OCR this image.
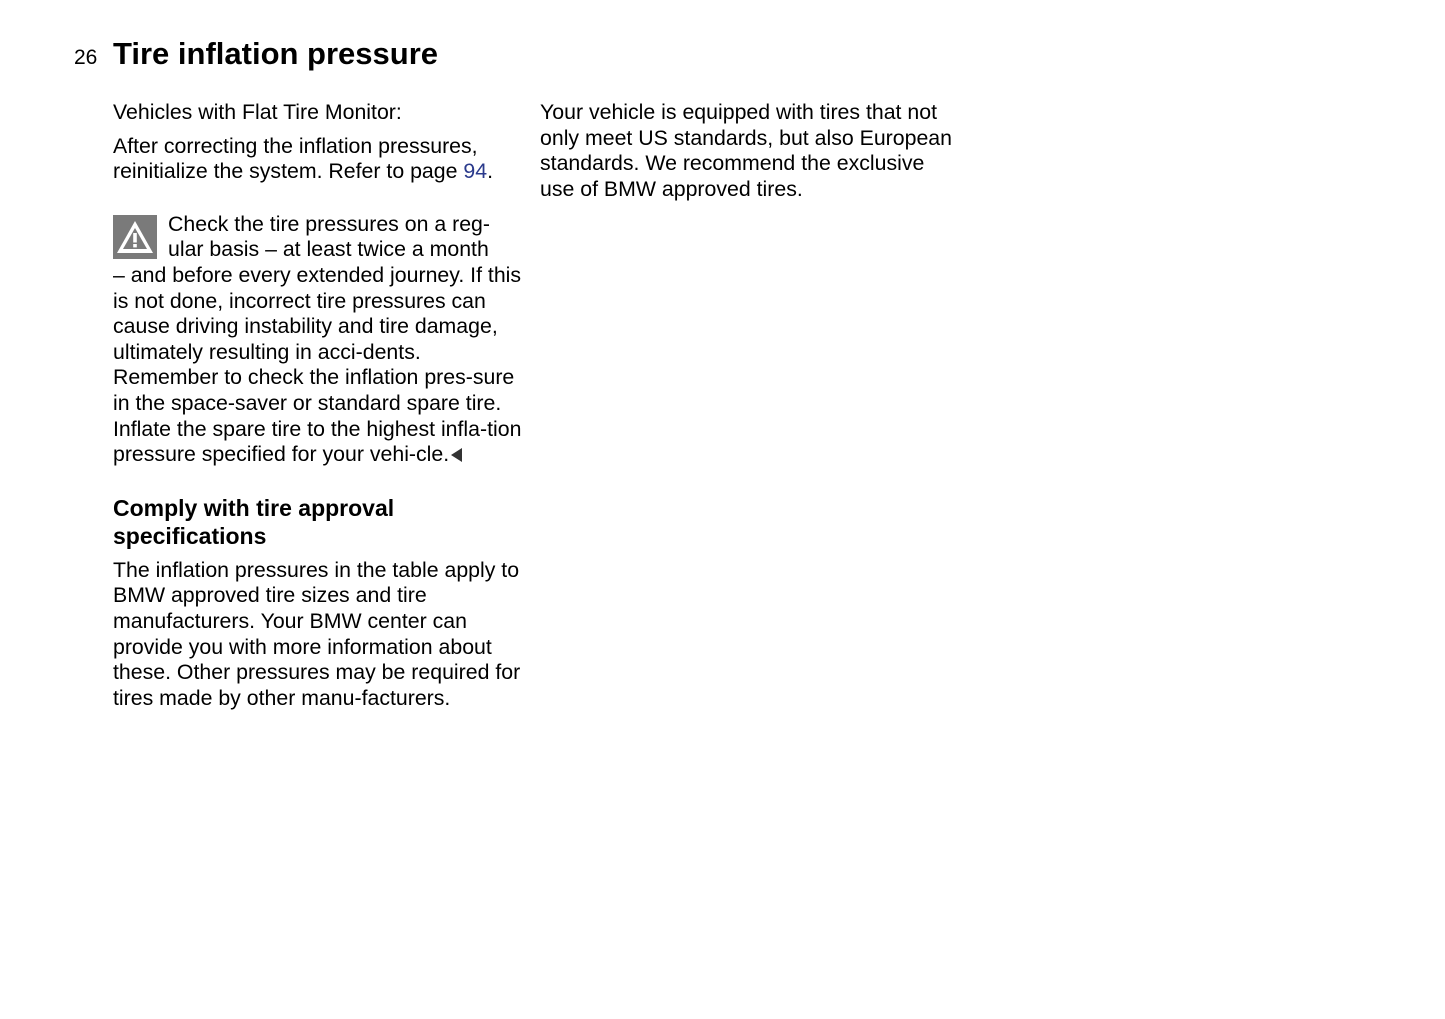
26 Tire inflation pressure

Vehicles with Flat Tire Monitor:

After correcting the inflation pressures, reinitialize the system. Refer to page 94.

Check the tire pressures on a reg-

ular basis – at least twice a month

– and before every extended journey. If this is not done, incorrect tire pressures can cause driving instability and tire damage, ultimately resulting in acci-dents.

Remember to check the inflation pres-sure in the space-saver or standard spare tire.

Inflate the spare tire to the highest infla-tion pressure specified for your vehi-cle.

Comply with tire approval
specifications

The inflation pressures in the table apply to BMW approved tire sizes and tire manufacturers. Your BMW center can provide you with more information about these. Other pressures may be required for tires made by other manu-facturers.

Your vehicle is equipped with tires that not only meet US standards, but also European standards. We recommend the exclusive use of BMW approved tires.
